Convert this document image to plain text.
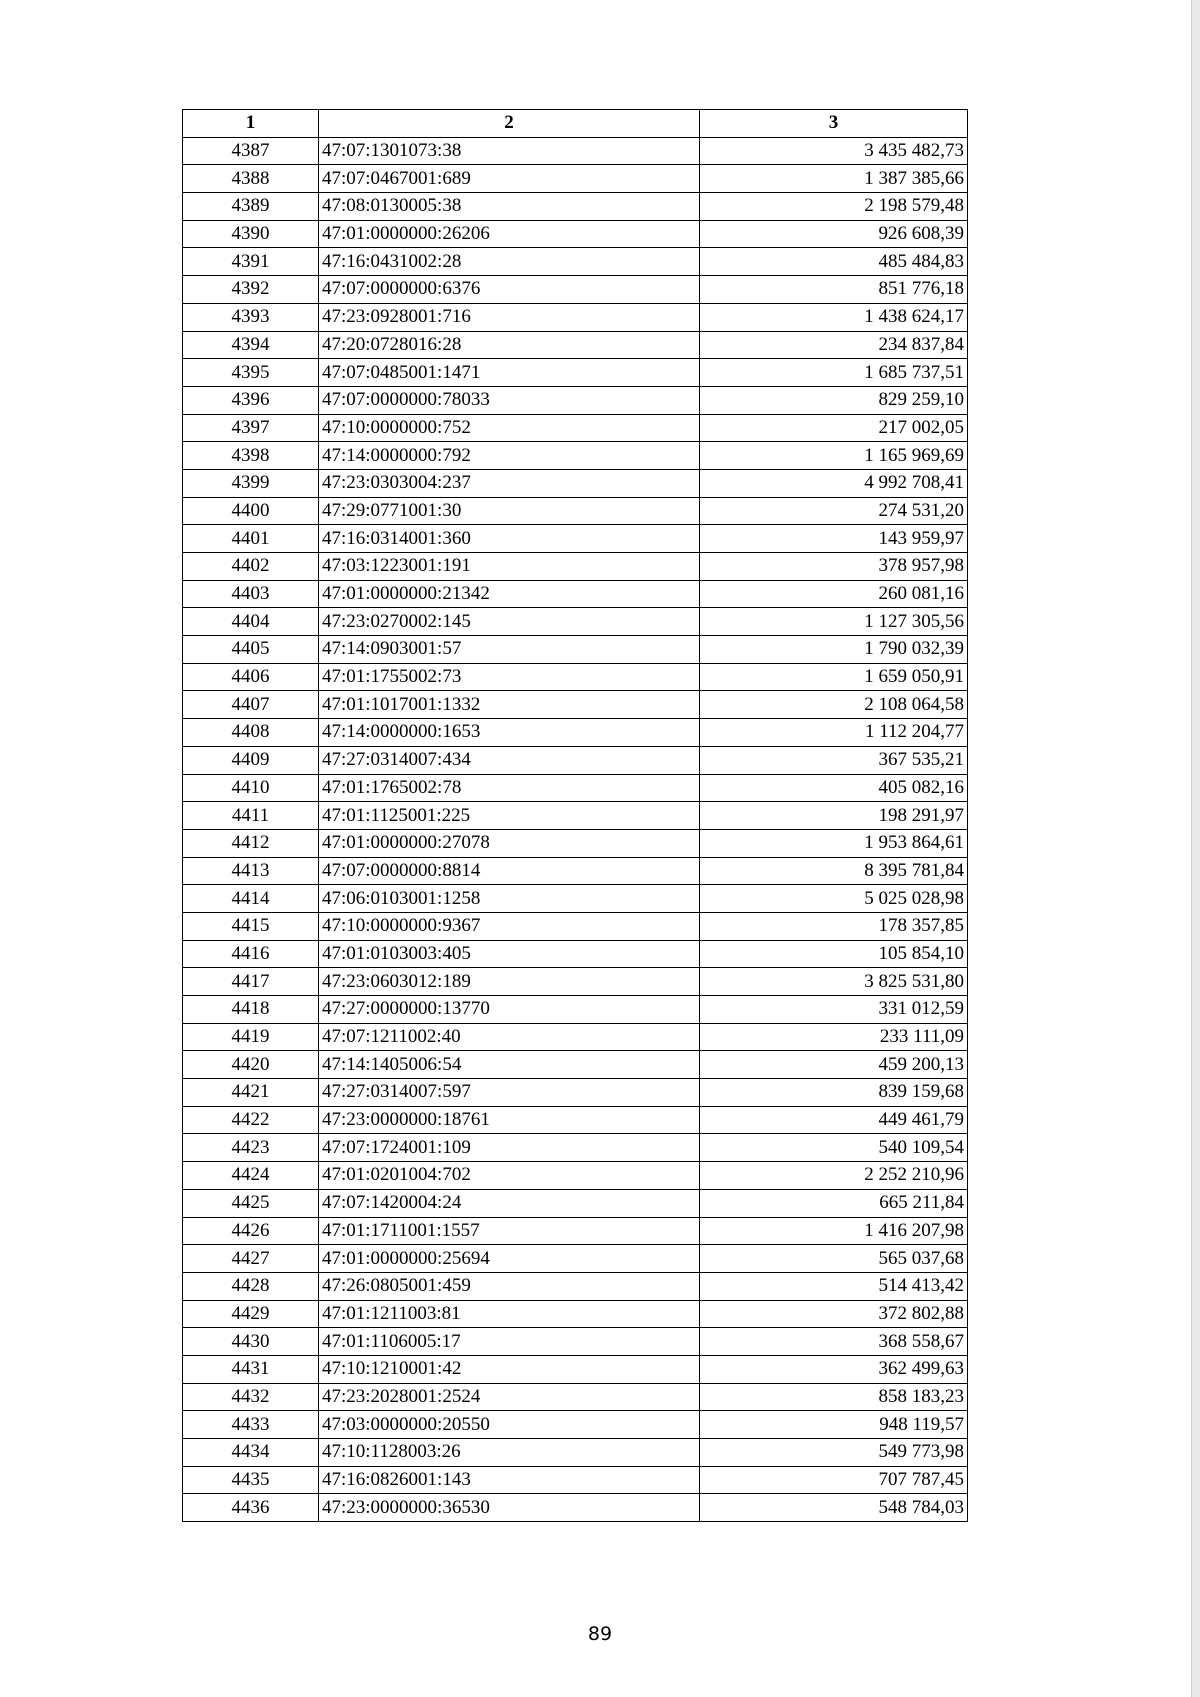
1	2	3
4387	47:07:1301073:38	3 435 482,73
4388	47:07:0467001:689	1 387 385,66
4389	47:08:0130005:38	2 198 579,48
4390	47:01:0000000:26206	926 608,39
4391	47:16:0431002:28	485 484,83
4392	47:07:0000000:6376	851 776,18
4393	47:23:0928001:716	1 438 624,17
4394	47:20:0728016:28	234 837,84
4395	47:07:0485001:1471	1 685 737,51
4396	47:07:0000000:78033	829 259,10
4397	47:10:0000000:752	217 002,05
4398	47:14:0000000:792	1 165 969,69
4399	47:23:0303004:237	4 992 708,41
4400	47:29:0771001:30	274 531,20
4401	47:16:0314001:360	143 959,97
4402	47:03:1223001:191	378 957,98
4403	47:01:0000000:21342	260 081,16
4404	47:23:0270002:145	1 127 305,56
4405	47:14:0903001:57	1 790 032,39
4406	47:01:1755002:73	1 659 050,91
4407	47:01:1017001:1332	2 108 064,58
4408	47:14:0000000:1653	1 112 204,77
4409	47:27:0314007:434	367 535,21
4410	47:01:1765002:78	405 082,16
4411	47:01:1125001:225	198 291,97
4412	47:01:0000000:27078	1 953 864,61
4413	47:07:0000000:8814	8 395 781,84
4414	47:06:0103001:1258	5 025 028,98
4415	47:10:0000000:9367	178 357,85
4416	47:01:0103003:405	105 854,10
4417	47:23:0603012:189	3 825 531,80
4418	47:27:0000000:13770	331 012,59
4419	47:07:1211002:40	233 111,09
4420	47:14:1405006:54	459 200,13
4421	47:27:0314007:597	839 159,68
4422	47:23:0000000:18761	449 461,79
4423	47:07:1724001:109	540 109,54
4424	47:01:0201004:702	2 252 210,96
4425	47:07:1420004:24	665 211,84
4426	47:01:1711001:1557	1 416 207,98
4427	47:01:0000000:25694	565 037,68
4428	47:26:0805001:459	514 413,42
4429	47:01:1211003:81	372 802,88
4430	47:01:1106005:17	368 558,67
4431	47:10:1210001:42	362 499,63
4432	47:23:2028001:2524	858 183,23
4433	47:03:0000000:20550	948 119,57
4434	47:10:1128003:26	549 773,98
4435	47:16:0826001:143	707 787,45
4436	47:23:0000000:36530	548 784,03
89
